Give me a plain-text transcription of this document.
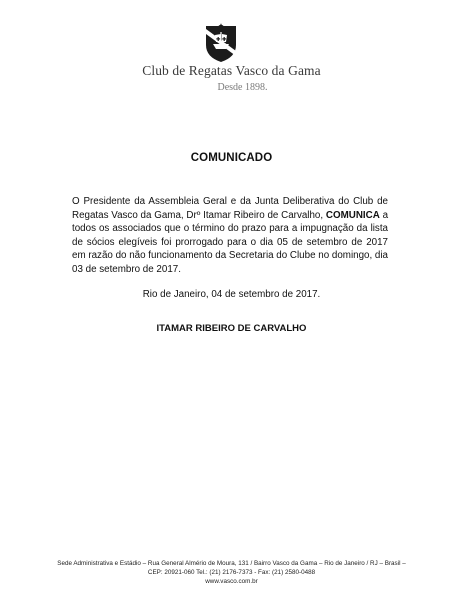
Club de Regatas Vasco da Gama
Desde 1898.
COMUNICADO

O Presidente da Assembleia Geral e da Junta Deliberativa do Club de Regatas Vasco da Gama, Drº Itamar Ribeiro de Carvalho, COMUNICA a todos os associados que o término do prazo para a impugnação da lista de sócios elegíveis foi prorrogado para o dia 05 de setembro de 2017 em razão do não funcionamento da Secretaria do Clube no domingo, dia 03 de setembro de 2017.

Rio de Janeiro, 04 de setembro de 2017.
ITAMAR RIBEIRO DE CARVALHO
Sede Administrativa e Estádio – Rua General Almério de Moura, 131 / Bairro Vasco da Gama – Rio de Janeiro / RJ – Brasil –
CEP: 20921-060 Tel.: (21) 2176-7373 - Fax: (21) 2580-0488
www.vasco.com.br
